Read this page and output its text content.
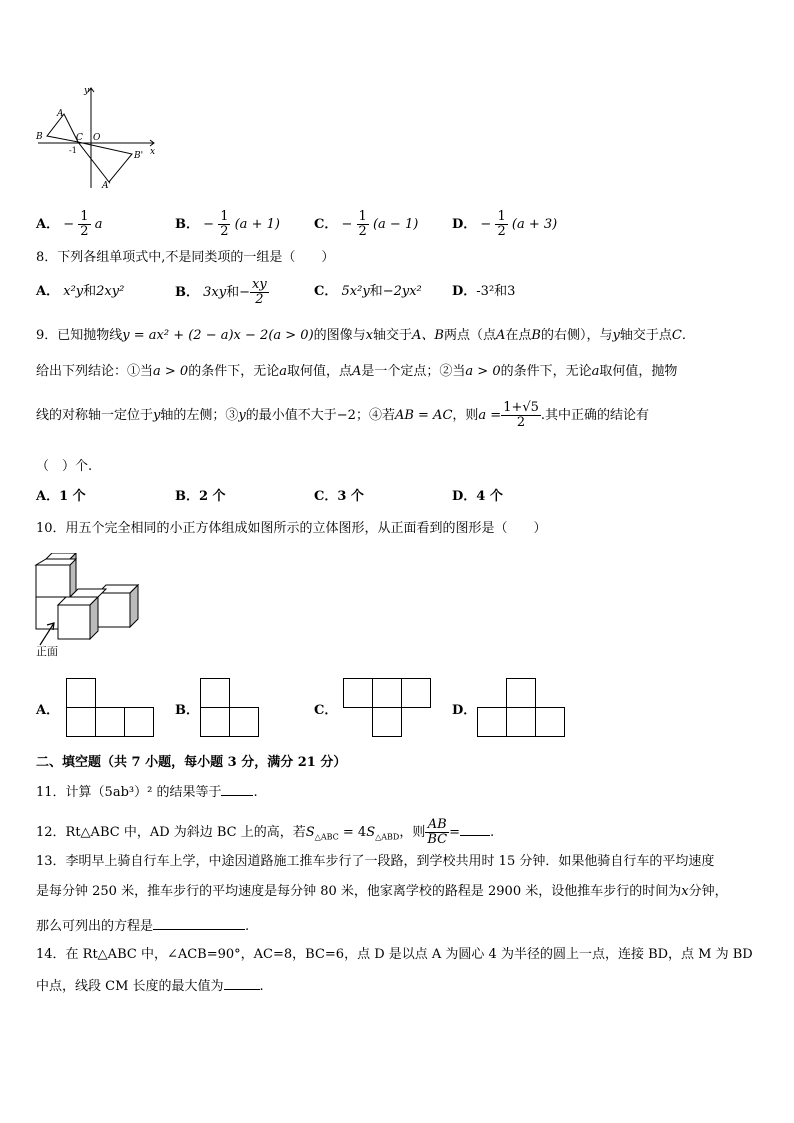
y
x
A
B	C O
-1
B'
A'
A． − $\frac{1}{2}$ a	B． − $\frac{1}{2} (a + 1)$	C． − $\frac{1}{2} (a - 1)$	D． − $\frac{1}{2} (a + 3)$
8．下列各组单项式中,不是同类项的一组是（　　）
A． x²y和2xy²	B． 3xy和− $\frac{xy}{2}$	C． 5x²y和−2yx² D．-3²和3
9．已知抛物线y = ax² + (2 − a)x − 2(a > 0)的图像与x轴交于A、B两点（点A在点B的右侧），与y轴交于点C．
给出下列结论：①当a > 0的条件下，无论a取何值，点A是一个定点；②当a > 0的条件下，无论a取何值，抛物
线的对称轴一定位于y轴的左侧；③y的最小值不大于−2；④若AB = AC，则$a = \frac{1+√5}{2}$ .其中正确的结论有
（　）个.
A．1 个	B．2 个	C．3 个	D．4 个
10．用五个完全相同的小正方体组成如图所示的立体图形，从正面看到的图形是（　　）
正面
A．	B．	C．	D．
二、填空题（共 7 小题，每小题 3 分，满分 21 分）
11．计算（5ab³）² 的结果等于 .
12．Rt△ABC 中，AD 为斜边 BC 上的高，若$S_{\triangle ABC} = 4S_{\triangle ABD}$，则 $\frac{AB}{BC}$ = .
13．李明早上骑自行车上学，中途因道路施工推车步行了一段路，到学校共用时 15 分钟．如果他骑自行车的平均速度
是每分钟 250 米，推车步行的平均速度是每分钟 80 米，他家离学校的路程是 2900 米，设他推车步行的时间为x分钟，
那么可列出的方程是	.
14．在 Rt△ABC 中，∠ACB=90°，AC=8，BC=6，点 D 是以点 A 为圆心 4 为半径的圆上一点，连接 BD，点 M 为 BD
中点，线段 CM 长度的最大值为	.
